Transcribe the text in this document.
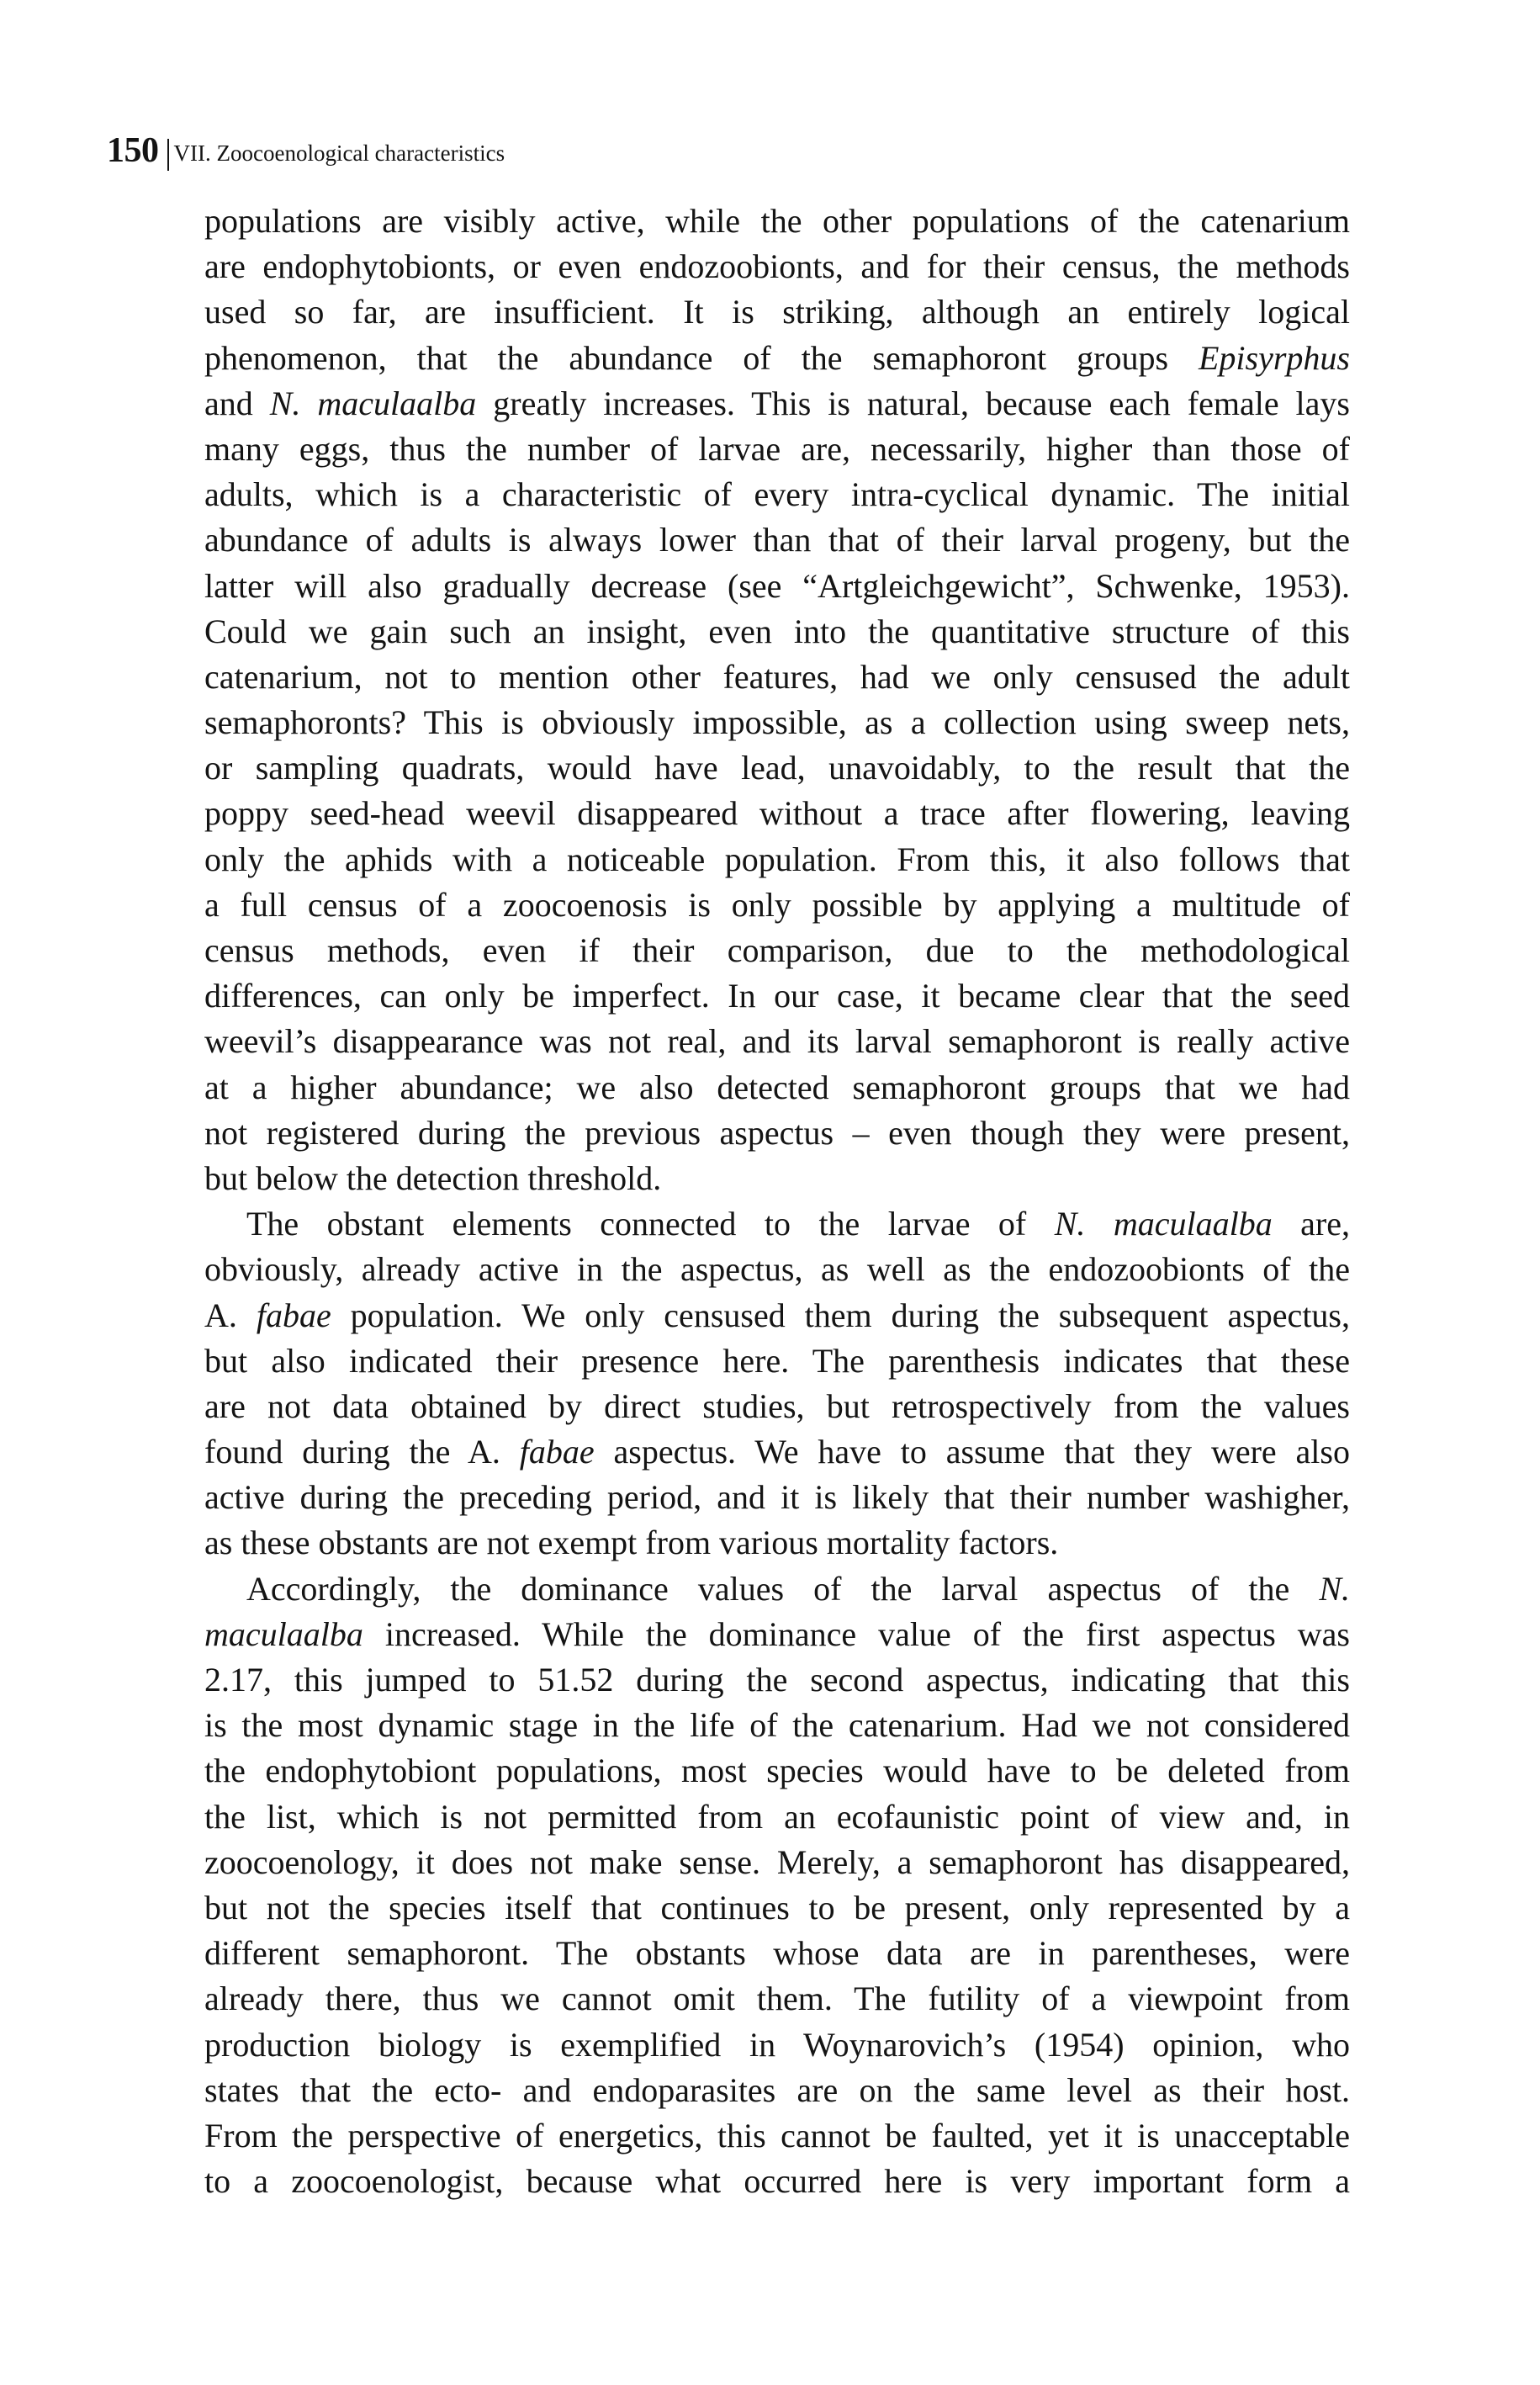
150 VII. Zoocoenological characteristics
populations are visibly active, while the other populations of the catenarium
are endophytobionts, or even endozoobionts, and for their census, the methods
used so far, are insufficient. It is striking, although an entirely logical
phenomenon, that the abundance of the semaphoront groups Episyrphus
and N. maculaalba greatly increases. This is natural, because each female lays
many eggs, thus the number of larvae are, necessarily, higher than those of
adults, which is a characteristic of every intra-cyclical dynamic. The initial
abundance of adults is always lower than that of their larval progeny, but the
latter will also gradually decrease (see “Artgleichgewicht”, Schwenke, 1953).
Could we gain such an insight, even into the quantitative structure of this
catenarium, not to mention other features, had we only censused the adult
semaphoronts? This is obviously impossible, as a collection using sweep nets,
or sampling quadrats, would have lead, unavoidably, to the result that the
poppy seed-head weevil disappeared without a trace after flowering, leaving
only the aphids with a noticeable population. From this, it also follows that
a full census of a zoocoenosis is only possible by applying a multitude of
census methods, even if their comparison, due to the methodological
differences, can only be imperfect. In our case, it became clear that the seed
weevil’s disappearance was not real, and its larval semaphoront is really active
at a higher abundance; we also detected semaphoront groups that we had
not registered during the previous aspectus – even though they were present,
but below the detection threshold.
The obstant elements connected to the larvae of N. maculaalba are,
obviously, already active in the aspectus, as well as the endozoobionts of the
A. fabae population. We only censused them during the subsequent aspectus,
but also indicated their presence here. The parenthesis indicates that these
are not data obtained by direct studies, but retrospectively from the values
found during the A. fabae aspectus. We have to assume that they were also
active during the preceding period, and it is likely that their number washigher,
as these obstants are not exempt from various mortality factors.
Accordingly, the dominance values of the larval aspectus of the N.
maculaalba increased. While the dominance value of the first aspectus was
2.17, this jumped to 51.52 during the second aspectus, indicating that this
is the most dynamic stage in the life of the catenarium. Had we not considered
the endophytobiont populations, most species would have to be deleted from
the list, which is not permitted from an ecofaunistic point of view and, in
zoocoenology, it does not make sense. Merely, a semaphoront has disappeared,
but not the species itself that continues to be present, only represented by a
different semaphoront. The obstants whose data are in parentheses, were
already there, thus we cannot omit them. The futility of a viewpoint from
production biology is exemplified in Woynarovich’s (1954) opinion, who
states that the ecto- and endoparasites are on the same level as their host.
From the perspective of energetics, this cannot be faulted, yet it is unacceptable
to a zoocoenologist, because what occurred here is very important form a
